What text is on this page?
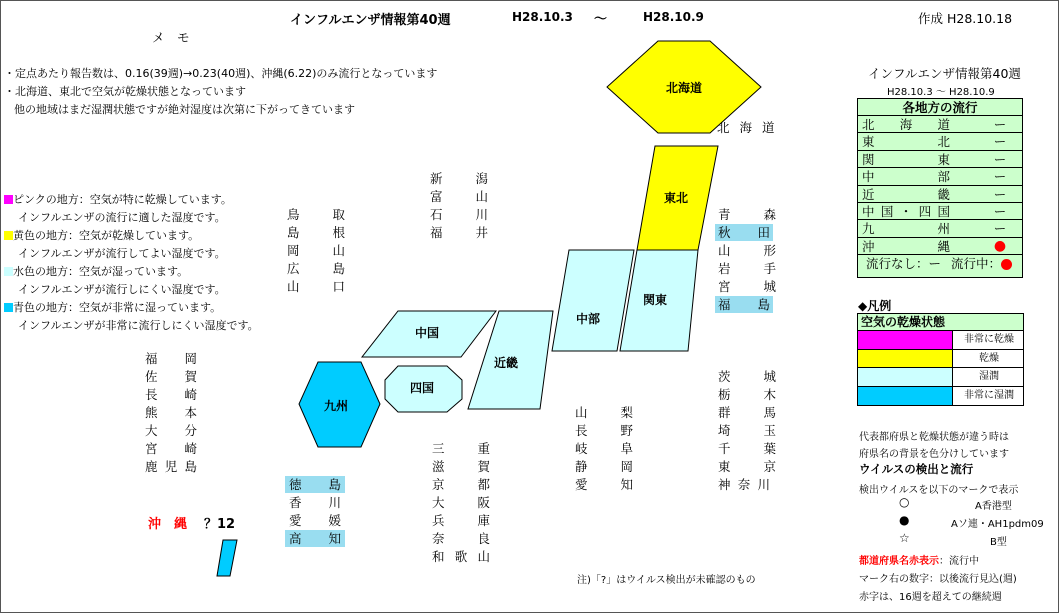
インフルエンザ情報第40週	H28.10.3 ～	H28.10.9	作成 H28.10.18
メ　モ
・定点あたり報告数は、0.16(39週)→0.23(40週)、沖縄(6.22)のみ流行となっています
・北海道、東北で空気が乾燥状態となっています
他の地域はまだ湿潤状態ですが絶対湿度は次第に下がってきています
ピンクの地方：空気が特に乾燥しています。
インフルエンザの流行に適した湿度です。
黄色の地方：空気が乾燥しています。
インフルエンザが流行してよい湿度です。
水色の地方：空気が湿っています。
インフルエンザが流行しにくい湿度です。
青色の地方：空気が非常に湿っています。
インフルエンザが非常に流行しにくい湿度です。
北海道
東北
関東
中部
近畿
中国
四国
九州
北 海 道
青森
秋田
山形
岩手
宮城
福島
新潟
富山
石川
福井
鳥取
島根
岡山
広島
山口
福岡
佐賀
長崎
熊本
大分
宮崎
鹿児島
徳島
香川
愛媛
高知
三重
滋賀
京都
大阪
兵庫
奈良
和歌山
山梨
長野
岐阜
静岡
愛知
茨城
栃木
群馬
埼玉
千葉
東京
神奈川
沖　縄 ？12
注)「?」はウイルス検出が未確認のもの
インフルエンザ情報第40週
H28.10.3 ～ H28.10.9
各地方の流行
北海道	ー
東北	ー
関東	ー
中部	ー
近畿	ー
中国・四国	ー
九州	ー
沖縄	●
流行なし：ー 流行中：
◆凡例
空気の乾燥状態
非常に乾燥
乾燥
湿潤
非常に湿潤
代表都府県と乾燥状態が違う時は
府県名の背景を色分けしています
ウイルスの検出と流行
検出ウイルスを以下のマークで表示
○	A香港型
●	Aソ連・AH1pdm09
☆	B型
都道府県名赤表示：流行中
マーク右の数字：以後流行見込(週)
赤字は、16週を超えての継続週
